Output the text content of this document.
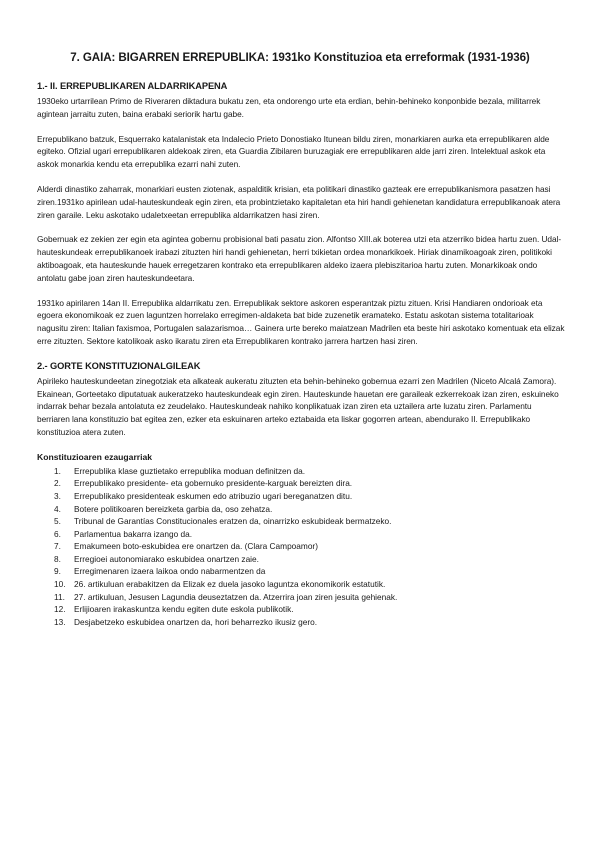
7. GAIA: BIGARREN ERREPUBLIKA: 1931ko Konstituzioa eta erreformak (1931-1936)
1.- II. ERREPUBLIKAREN ALDARRIKAPENA

1930eko urtarrilean Primo de Riveraren diktadura bukatu zen, eta ondorengo urte eta erdian, behin-behineko konponbide bezala, militarrek agintean jarraitu zuten, baina erabaki seriorik hartu gabe.

Errepublikano batzuk, Esquerrako katalanistak eta Indalecio Prieto Donostiako Itunean bildu ziren, monarkiaren aurka eta errepublikaren alde egiteko. Ofizial ugari errepublikaren aldekoak ziren, eta Guardia Zibilaren buruzagiak ere errepublikaren alde jarri ziren. Intelektual askok eta askok monarkia kendu eta errepublika ezarri nahi zuten.

Alderdi dinastiko zaharrak, monarkiari eusten ziotenak, aspalditik krisian, eta politikari dinastiko gazteak ere errepublikanismora pasatzen hasi ziren.1931ko apirilean udal-hauteskundeak egin ziren, eta probintzietako kapitaletan eta hiri handi gehienetan kandidatura errepublikanoak atera ziren garaile. Leku askotako udaletxeetan errepublika aldarrikatzen hasi ziren.

Gobernuak ez zekien zer egin eta agintea gobernu probisional bati pasatu zion. Alfontso XIII.ak boterea utzi eta atzerriko bidea hartu zuen. Udal-hauteskundeak errepublikanoek irabazi zituzten hiri handi gehienetan, herri txikietan ordea monarkikoek. Hiriak dinamikoagoak ziren, politikoki aktiboagoak, eta hauteskunde hauek erregetzaren kontrako eta errepublikaren aldeko izaera plebiszitarioa hartu zuten. Monarkikoak ondo antolatu gabe joan ziren hauteskundeetara.

1931ko apirilaren 14an II. Errepublika aldarrikatu zen. Errepublikak sektore askoren esperantzak piztu zituen. Krisi Handiaren ondorioak eta egoera ekonomikoak ez zuen laguntzen horrelako erregimen-aldaketa bat bide zuzenetik eramateko. Estatu askotan sistema totalitarioak nagusitu ziren: Italian faxismoa, Portugalen salazarismoa… Gainera urte bereko maiatzean Madrilen eta beste hiri askotako komentuak eta elizak erre zituzten. Sektore katolikoak asko ikaratu ziren eta Errepublikaren kontrako jarrera hartzen hasi ziren.

2.- GORTE KONSTITUZIONALGILEAK

Apirileko hauteskundeetan zinegotziak eta alkateak aukeratu zituzten eta behin-behineko gobernua ezarri zen Madrilen (Niceto Alcalá Zamora). Ekainean, Gorteetako diputatuak aukeratzeko hauteskundeak egin ziren. Hauteskunde hauetan ere garaileak ezkerrekoak izan ziren, eskuineko indarrak behar bezala antolatuta ez zeudelako. Hauteskundeak nahiko konplikatuak izan ziren eta uztailera arte luzatu ziren. Parlamentu berriaren lana konstituzio bat egitea zen, ezker eta eskuinaren arteko eztabaida eta liskar gogorren artean, abendurako II. Errepublikako konstituzioa atera zuten.

Konstituzioaren ezaugarriak
1. Errepublika klase guztietako errepublika moduan definitzen da.
2. Errepublikako presidente- eta gobernuko presidente-karguak bereizten dira.
3. Errepublikako presidenteak eskumen edo atribuzio ugari bereganatzen ditu.
4. Botere politikoaren bereizketa garbia da, oso zehatza.
5. Tribunal de Garantías Constitucionales eratzen da, oinarrizko eskubideak bermatzeko.
6. Parlamentua bakarra izango da.
7. Emakumeen boto-eskubidea ere onartzen da. (Clara Campoamor)
8. Erregioei autonomiarako eskubidea onartzen zaie.
9. Erregimenaren izaera laikoa ondo nabarmentzen da
10. 26. artikuluan erabakitzen da Elizak ez duela jasoko laguntza ekonomikorik estatutik.
11. 27. artikuluan, Jesusen Lagundia deuseztatzen da. Atzerrira joan ziren jesuita gehienak.
12. Erlijioaren irakaskuntza kendu egiten dute eskola publikotik.
13. Desjabetzeko eskubidea onartzen da, hori beharrezko ikusiz gero.
